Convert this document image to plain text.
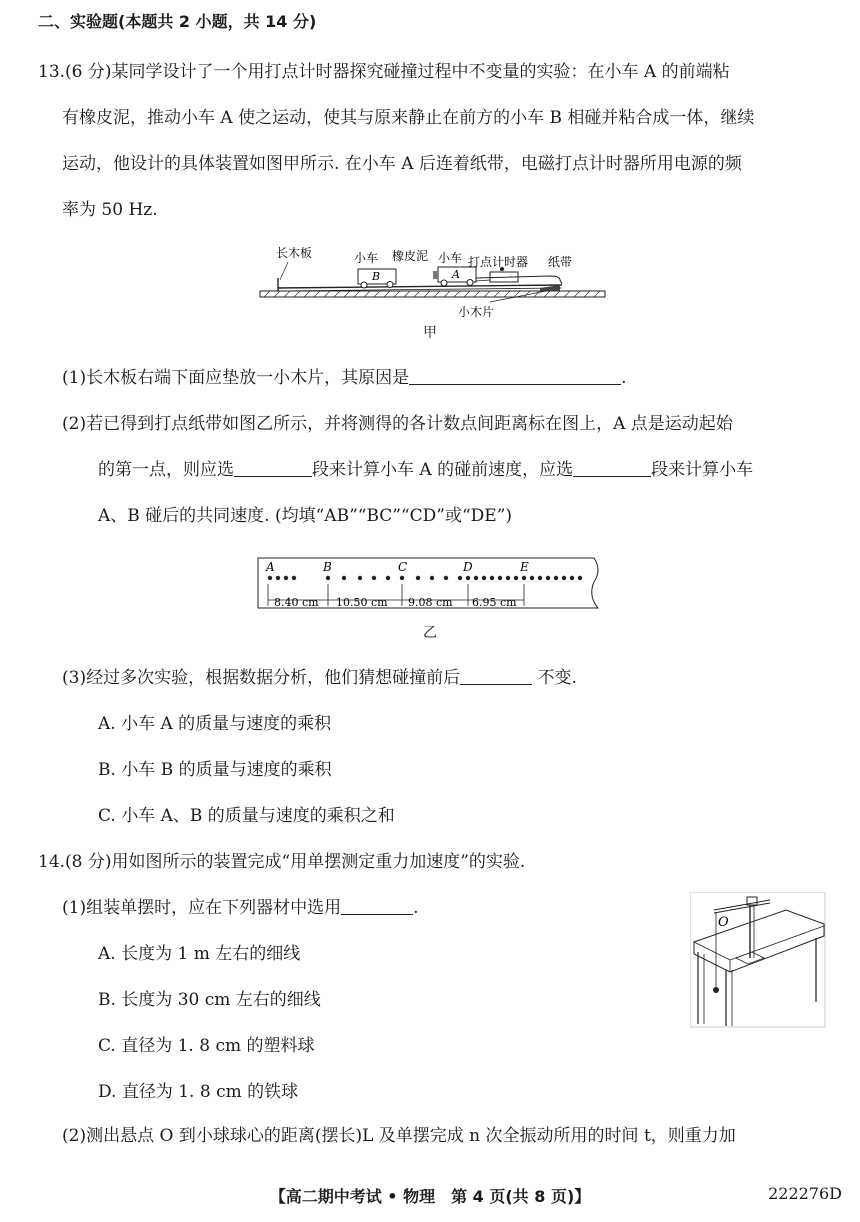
二、实验题(本题共 2 小题，共 14 分)
13.(6 分)某同学设计了一个用打点计时器探究碰撞过程中不变量的实验：在小车 A 的前端粘
有橡皮泥，推动小车 A 使之运动，使其与原来静止在前方的小车 B 相碰并粘合成一体，继续
运动，他设计的具体装置如图甲所示. 在小车 A 后连着纸带，电磁打点计时器所用电源的频
率为 50 Hz.
长木板	小车
B
橡皮泥 小车
A
打点计时器 纸带
小木片
甲
(1)长木板右端下面应垫放一小木片，其原因是	.
(2)若已得到打点纸带如图乙所示，并将测得的各计数点间距离标在图上，A 点是运动起始
的第一点，则应选	段来计算小车 A 的碰前速度，应选	段来计算小车
A、B 碰后的共同速度. (均填“AB”“BC”“CD”或“DE”)
A	B	C	D	E
8.40 cm 10.50 cm 9.08 cm 6.95 cm
乙
(3)经过多次实验，根据数据分析，他们猜想碰撞前后	不变.
A. 小车 A 的质量与速度的乘积
B. 小车 B 的质量与速度的乘积
C. 小车 A、B 的质量与速度的乘积之和
14.(8 分)用如图所示的装置完成“用单摆测定重力加速度”的实验.
(1)组装单摆时，应在下列器材中选用	.
A. 长度为 1 m 左右的细线
B. 长度为 30 cm 左右的细线
C. 直径为 1. 8 cm 的塑料球
D. 直径为 1. 8 cm 的铁球
O
(2)测出悬点 O 到小球球心的距离(摆长)L 及单摆完成 n 次全振动所用的时间 t，则重力加
【高二期中考试 • 物理　第 4 页(共 8 页)】	222276D
